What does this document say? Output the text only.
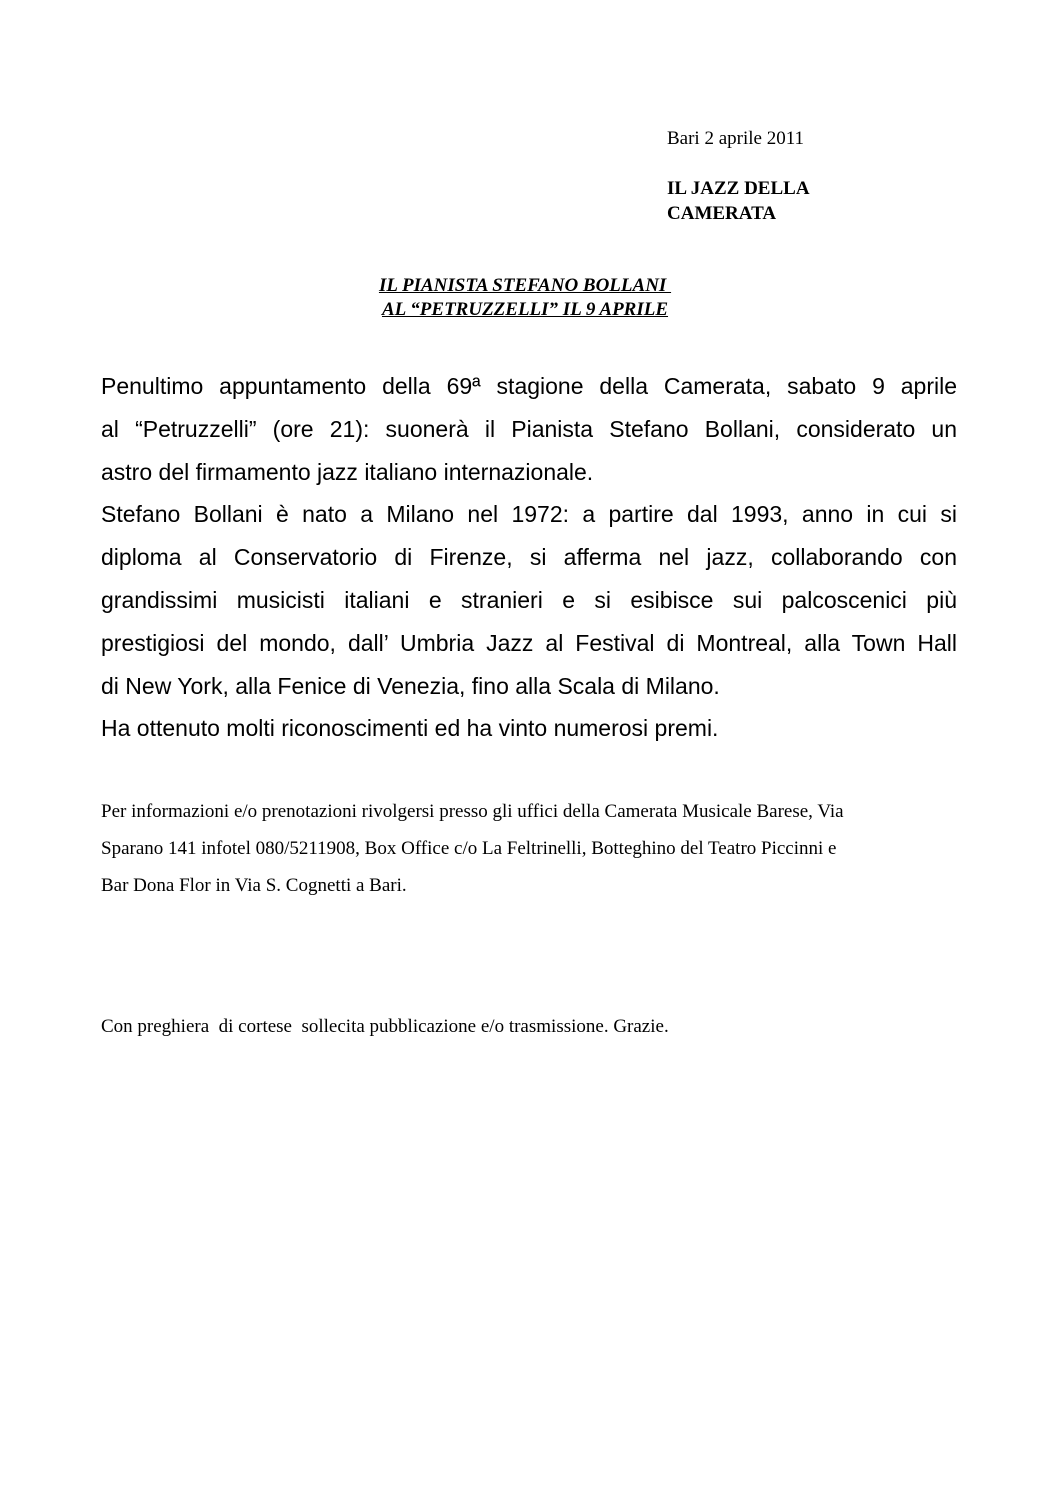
Bari 2 aprile 2011
IL JAZZ DELLA
CAMERATA
IL PIANISTA STEFANO BOLLANI
AL “PETRUZZELLI” IL 9 APRILE
Penultimo appuntamento della 69ª stagione della Camerata, sabato 9 aprile
al “Petruzzelli” (ore 21): suonerà il Pianista Stefano Bollani, considerato un
astro del firmamento jazz italiano internazionale.
Stefano Bollani è nato a Milano nel 1972: a partire dal 1993, anno in cui si
diploma al Conservatorio di Firenze, si afferma nel jazz, collaborando con
grandissimi musicisti italiani e stranieri e si esibisce sui palcoscenici più
prestigiosi del mondo, dall’ Umbria Jazz al Festival di Montreal, alla Town Hall
di New York, alla Fenice di Venezia, fino alla Scala di Milano.
Ha ottenuto molti riconoscimenti ed ha vinto numerosi premi.
Per informazioni e/o prenotazioni rivolgersi presso gli uffici della Camerata Musicale Barese, Via
Sparano 141 infotel 080/5211908, Box Office c/o La Feltrinelli, Botteghino del Teatro Piccinni e
Bar Dona Flor in Via S. Cognetti a Bari.
Con preghiera  di cortese  sollecita pubblicazione e/o trasmissione. Grazie.
